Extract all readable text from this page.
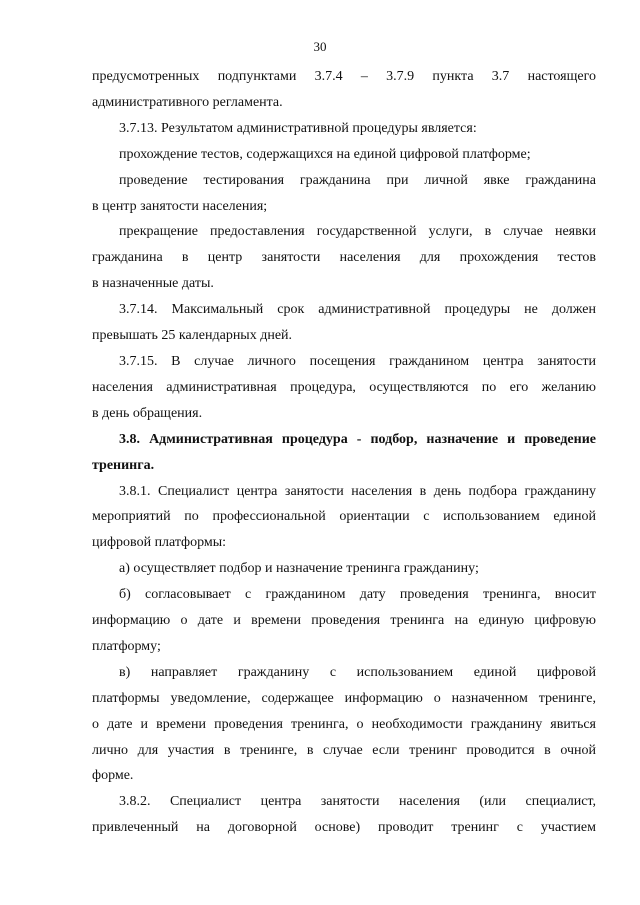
30

предусмотренных подпунктами 3.7.4 – 3.7.9 пункта 3.7 настоящего

административного регламента.

3.7.13. Результатом административной процедуры является:

прохождение тестов, содержащихся на единой цифровой платформе;

проведение тестирования гражданина при личной явке гражданина

в центр занятости населения;

прекращение предоставления государственной услуги, в случае неявки

гражданина в центр занятости населения для прохождения тестов

в назначенные даты.

3.7.14. Максимальный срок административной процедуры не должен

превышать 25 календарных дней.

3.7.15. В случае личного посещения гражданином центра занятости

населения административная процедура, осуществляются по его желанию

в день обращения.

3.8. Административная процедура - подбор, назначение и проведение

тренинга.

3.8.1. Специалист центра занятости населения в день подбора гражданину

мероприятий по профессиональной ориентации с использованием единой

цифровой платформы:

а) осуществляет подбор и назначение тренинга гражданину;

б) согласовывает с гражданином дату проведения тренинга, вносит

информацию о дате и времени проведения тренинга на единую цифровую

платформу;

в) направляет гражданину с использованием единой цифровой

платформы уведомление, содержащее информацию о назначенном тренинге,

о дате и времени проведения тренинга, о необходимости гражданину явиться

лично для участия в тренинге, в случае если тренинг проводится в очной

форме.

3.8.2. Специалист центра занятости населения (или специалист,

привлеченный на договорной основе) проводит тренинг с участием
